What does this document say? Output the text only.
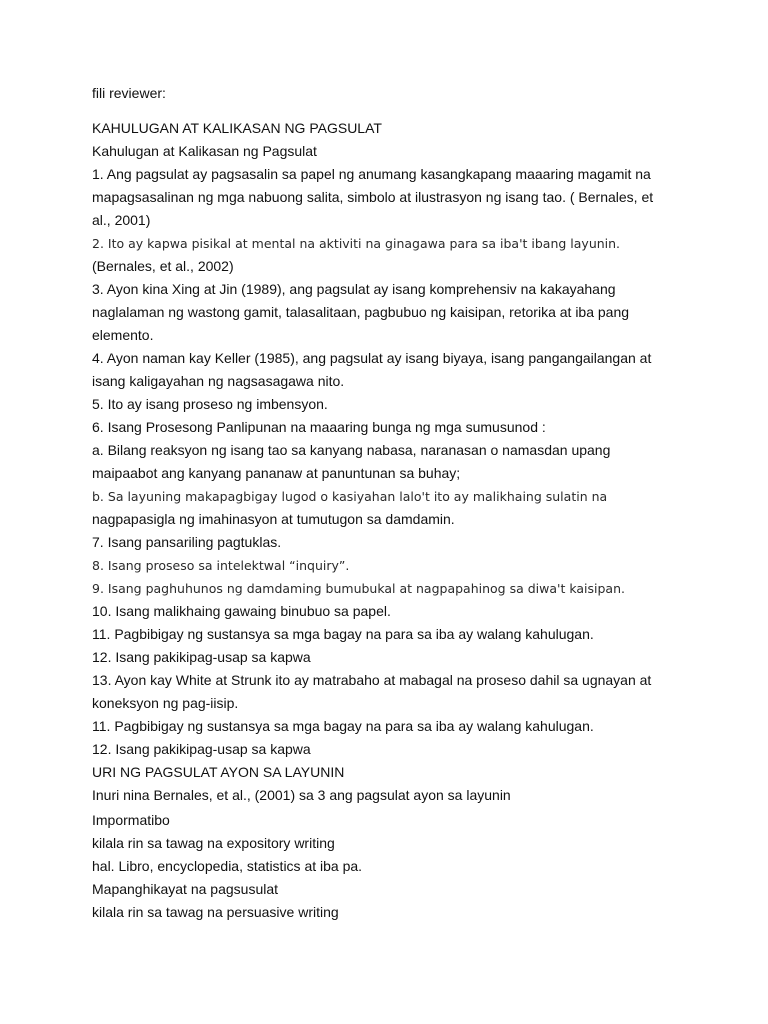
fili reviewer:
KAHULUGAN AT KALIKASAN NG PAGSULAT
Kahulugan at Kalikasan ng Pagsulat
1. Ang pagsulat ay pagsasalin sa papel ng anumang kasangkapang maaaring magamit na
mapagsasalinan ng mga nabuong salita, simbolo at ilustrasyon ng isang tao. ( Bernales, et
al., 2001)
2. Ito ay kapwa pisikal at mental na aktiviti na ginagawa para sa iba't ibang layunin.
(Bernales, et al., 2002)
3. Ayon kina Xing at Jin (1989), ang pagsulat ay isang komprehensiv na kakayahang
naglalaman ng wastong gamit, talasalitaan, pagbubuo ng kaisipan, retorika at iba pang
elemento.
4. Ayon naman kay Keller (1985), ang pagsulat ay isang biyaya, isang pangangailangan at
isang kaligayahan ng nagsasagawa nito.
5. Ito ay isang proseso ng imbensyon.
6. Isang Prosesong Panlipunan na maaaring bunga ng mga sumusunod :
a. Bilang reaksyon ng isang tao sa kanyang nabasa, naranasan o namasdan upang
maipaabot ang kanyang pananaw at panuntunan sa buhay;
b. Sa layuning makapagbigay lugod o kasiyahan lalo't ito ay malikhaing sulatin na
nagpapasigla ng imahinasyon at tumutugon sa damdamin.
7. Isang pansariling pagtuklas.
8. Isang proseso sa intelektwal “inquiry”.
9. Isang paghuhunos ng damdaming bumubukal at nagpapahinog sa diwa't kaisipan.
10. Isang malikhaing gawaing binubuo sa papel.
11. Pagbibigay ng sustansya sa mga bagay na para sa iba ay walang kahulugan.
12. Isang pakikipag-usap sa kapwa
13. Ayon kay White at Strunk ito ay matrabaho at mabagal na proseso dahil sa ugnayan at
koneksyon ng pag-iisip.
11. Pagbibigay ng sustansya sa mga bagay na para sa iba ay walang kahulugan.
12. Isang pakikipag-usap sa kapwa
URI NG PAGSULAT AYON SA LAYUNIN
Inuri nina Bernales, et al., (2001) sa 3 ang pagsulat ayon sa layunin
Impormatibo
kilala rin sa tawag na expository writing
hal. Libro, encyclopedia, statistics at iba pa.
Mapanghikayat na pagsusulat
kilala rin sa tawag na persuasive writing
